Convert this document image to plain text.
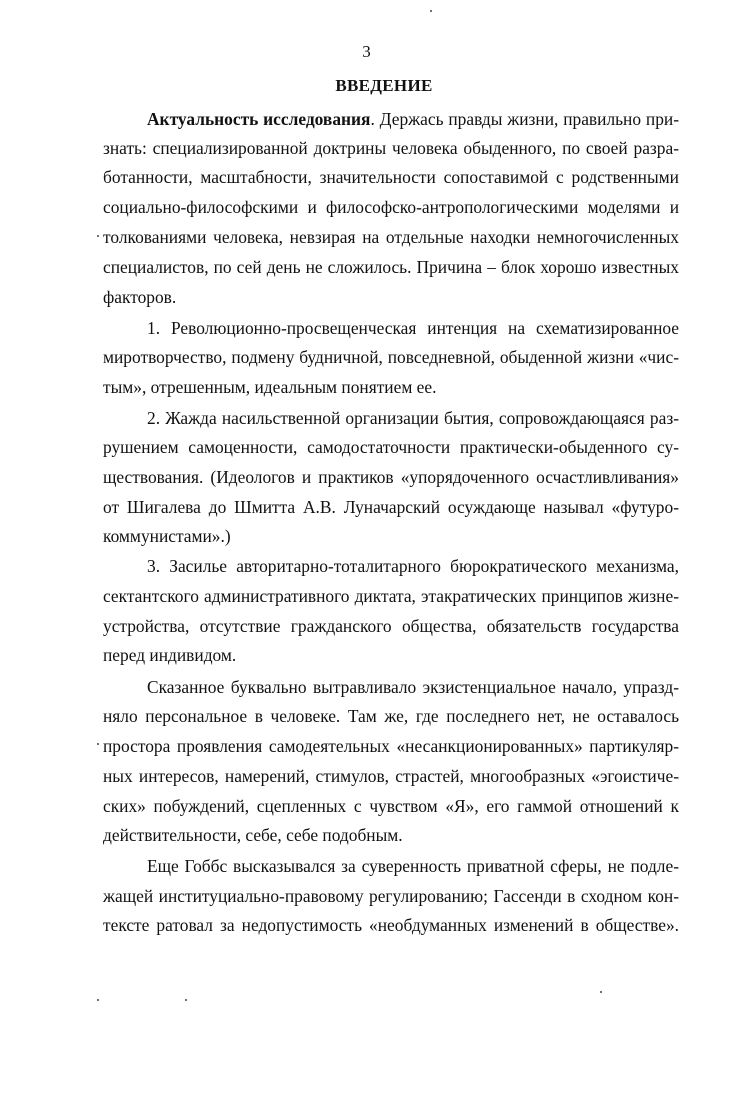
3
ВВЕДЕНИЕ
Актуальность исследования. Держась правды жизни, правильно при-
знать: специализированной доктрины человека обыденного, по своей разра-
ботанности, масштабности, значительности сопоставимой с родственными
социально-философскими и философско-антропологическими моделями и
толкованиями человека, невзирая на отдельные находки немногочисленных
специалистов, по сей день не сложилось. Причина – блок хорошо известных
факторов.
1. Революционно-просвещенческая интенция на схематизированное
миротворчество, подмену будничной, повседневной, обыденной жизни «чис-
тым», отрешенным, идеальным понятием ее.
2. Жажда насильственной организации бытия, сопровождающаяся раз-
рушением самоценности, самодостаточности практически-обыденного су-
ществования. (Идеологов и практиков «упорядоченного осчастливливания»
от Шигалева до Шмитта А.В. Луначарский осуждающе называл «футуро-
коммунистами».)
3. Засилье авторитарно-тоталитарного бюрократического механизма,
сектантского административного диктата, этакратических принципов жизне-
устройства, отсутствие гражданского общества, обязательств государства
перед индивидом.
Сказанное буквально вытравливало экзистенциальное начало, упразд-
няло персональное в человеке. Там же, где последнего нет, не оставалось
простора проявления самодеятельных «несанкционированных» партикуляр-
ных интересов, намерений, стимулов, страстей, многообразных «эгоистиче-
ских» побуждений, сцепленных с чувством «Я», его гаммой отношений к
действительности, себе, себе подобным.
Еще Гоббс высказывался за суверенность приватной сферы, не подле-
жащей институциально-правовому регулированию; Гассенди в сходном кон-
тексте ратовал за недопустимость «необдуманных изменений в обществе».
